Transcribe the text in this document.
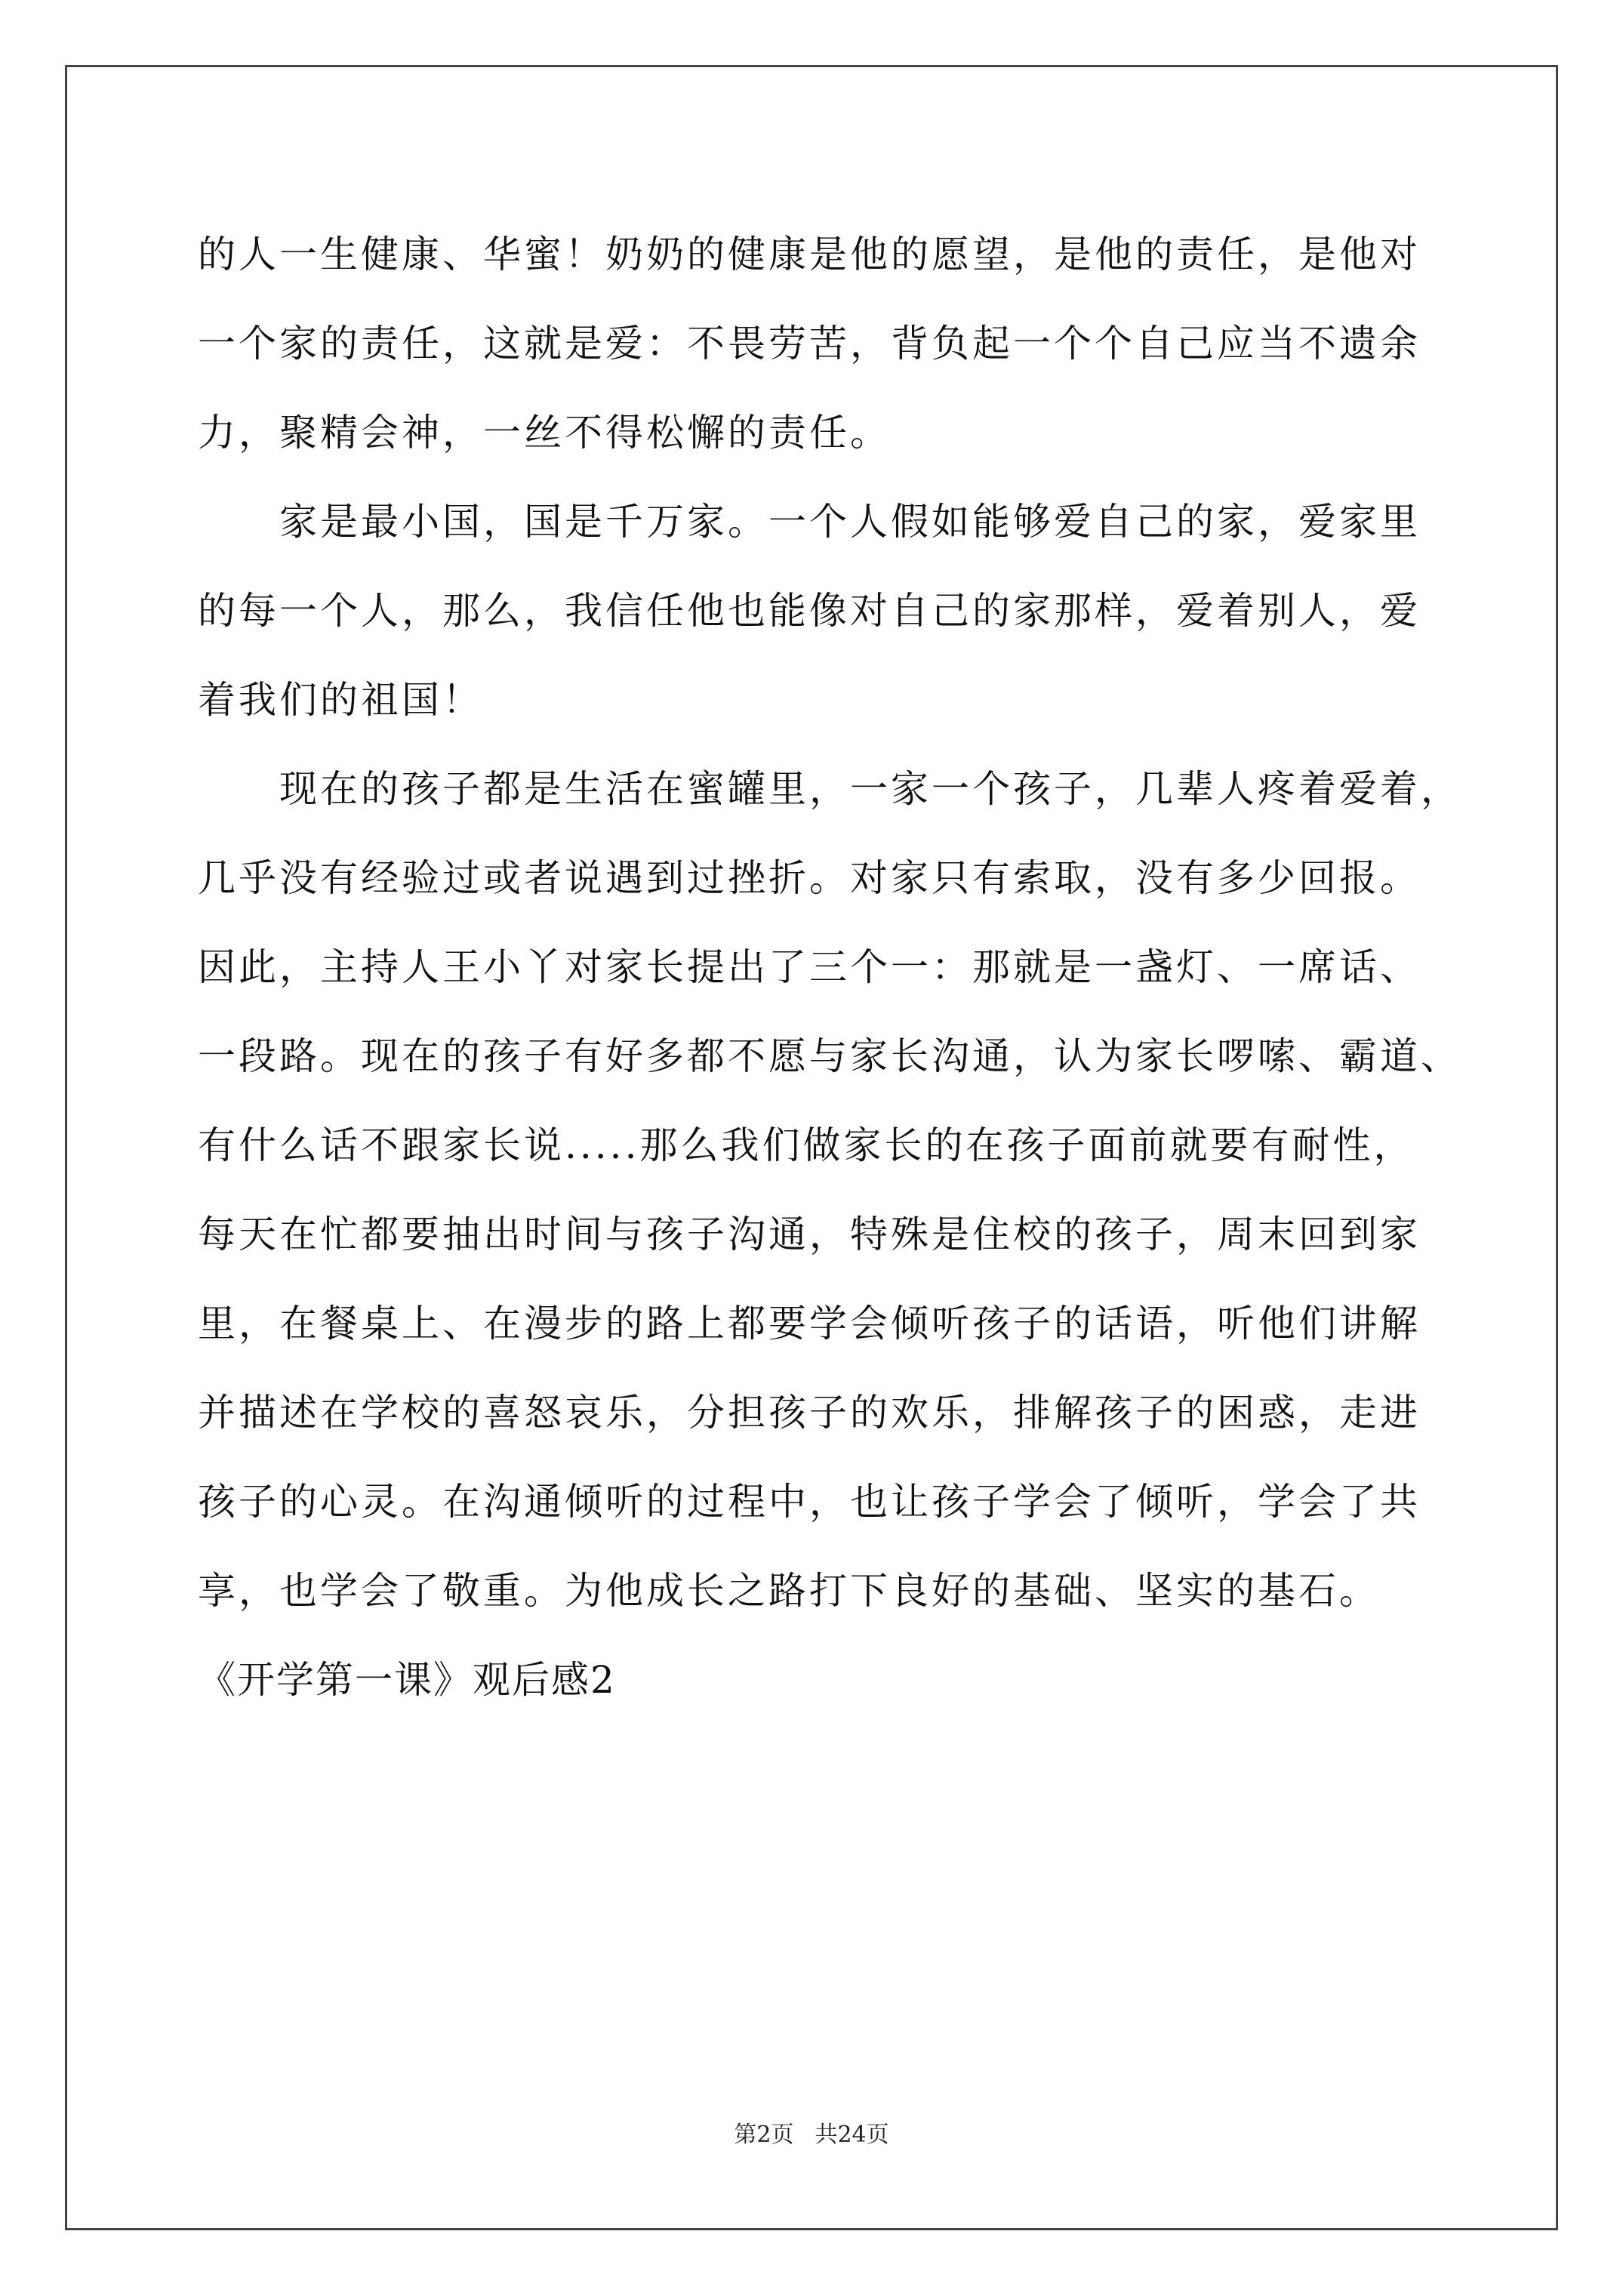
的人一生健康、华蜜！奶奶的健康是他的愿望，是他的责任，是他对
一个家的责任，这就是爱：不畏劳苦，背负起一个个自己应当不遗余
力，聚精会神，一丝不得松懈的责任。
　　家是最小国，国是千万家。一个人假如能够爱自己的家，爱家里
的每一个人，那么，我信任他也能像对自己的家那样，爱着别人，爱
着我们的祖国！
　　现在的孩子都是生活在蜜罐里，一家一个孩子，几辈人疼着爱着，
几乎没有经验过或者说遇到过挫折。对家只有索取，没有多少回报。
因此，主持人王小丫对家长提出了三个一：那就是一盏灯、一席话、
一段路。现在的孩子有好多都不愿与家长沟通，认为家长啰嗦、霸道、
有什么话不跟家长说.....那么我们做家长的在孩子面前就要有耐性，
每天在忙都要抽出时间与孩子沟通，特殊是住校的孩子，周末回到家
里，在餐桌上、在漫步的路上都要学会倾听孩子的话语，听他们讲解
并描述在学校的喜怒哀乐，分担孩子的欢乐，排解孩子的困惑，走进
孩子的心灵。在沟通倾听的过程中，也让孩子学会了倾听，学会了共
享，也学会了敬重。为他成长之路打下良好的基础、坚实的基石。
《开学第一课》观后感2
第2页 共24页
